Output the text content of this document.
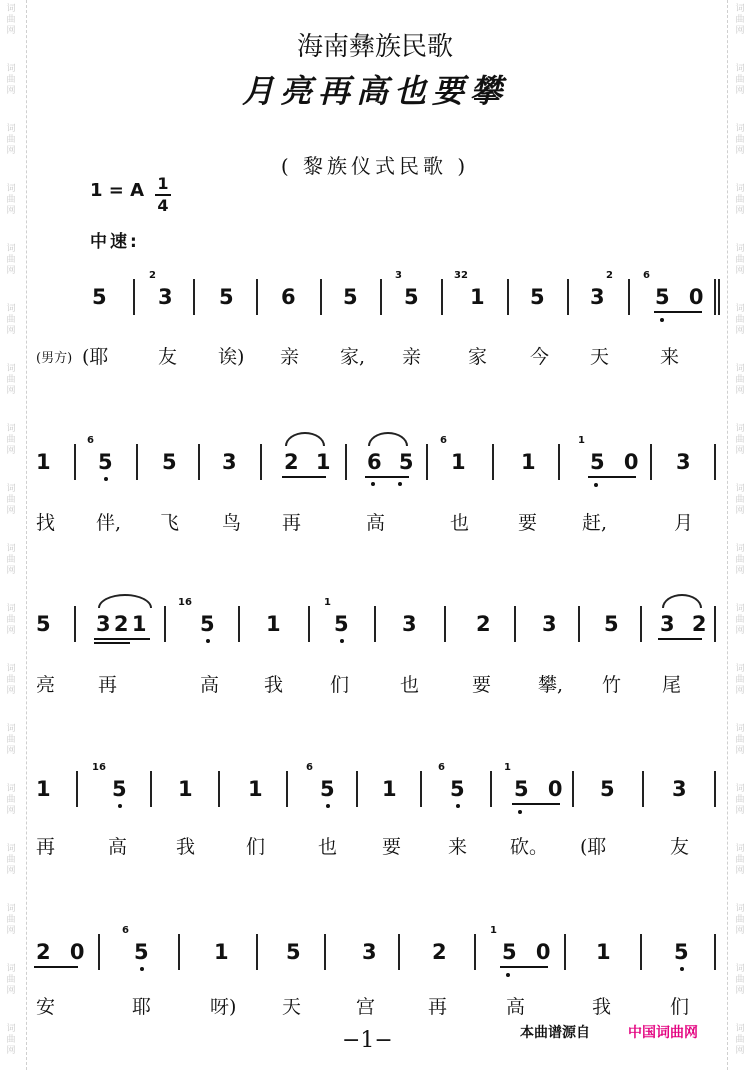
词
曲
网
词
曲
网
词
曲
网
词
曲
网
词
曲
网
词
曲
网
词
曲
网
词
曲
网
词
曲
网
词
曲
网
词
曲
网
词
曲
网
词
曲
网
词
曲
网
词
曲
网
词
曲
网
词
曲
网
词
曲
网
词
曲
网
词
曲
网
词
曲
网
词
曲
网
词
曲
网
词
曲
网
词
曲
网
词
曲
网
词
曲
网
词
曲
网
词
曲
网
词
曲
网
词
曲
网
词
曲
网
词
曲
网
词
曲
网
词
曲
网
词
曲
网
海南彝族民歌
月亮再高也要攀
( 黎族仪式民歌 )
1 = A 1
4
中速:
5
2
3 5 6 5
3
5
32
1 5 3
2	6
5 0
(男方) (耶	友 诶) 亲 家, 亲 家 今 天	来
1
6
5 5 3 2 1 6 5
6
1	1
1
5 0 3
找 伴, 飞 鸟 再	高	也	要 赶,	月
5 3 2 1
16
5 1
1
5	3	2 3 5 3 2
亮 再	高 我 们	也	要 攀, 竹 尾
1
16
5 1	1
6
5 1
6
5
1
5 0 5	3
再	高	我	们	也 要 来 砍。 (耶	友
2 0
6
5	1	5	3	2
1
5 0 1	5
安	耶	呀) 天	宫	再	高	我	们
−1−	本曲谱源自	中国词曲网
